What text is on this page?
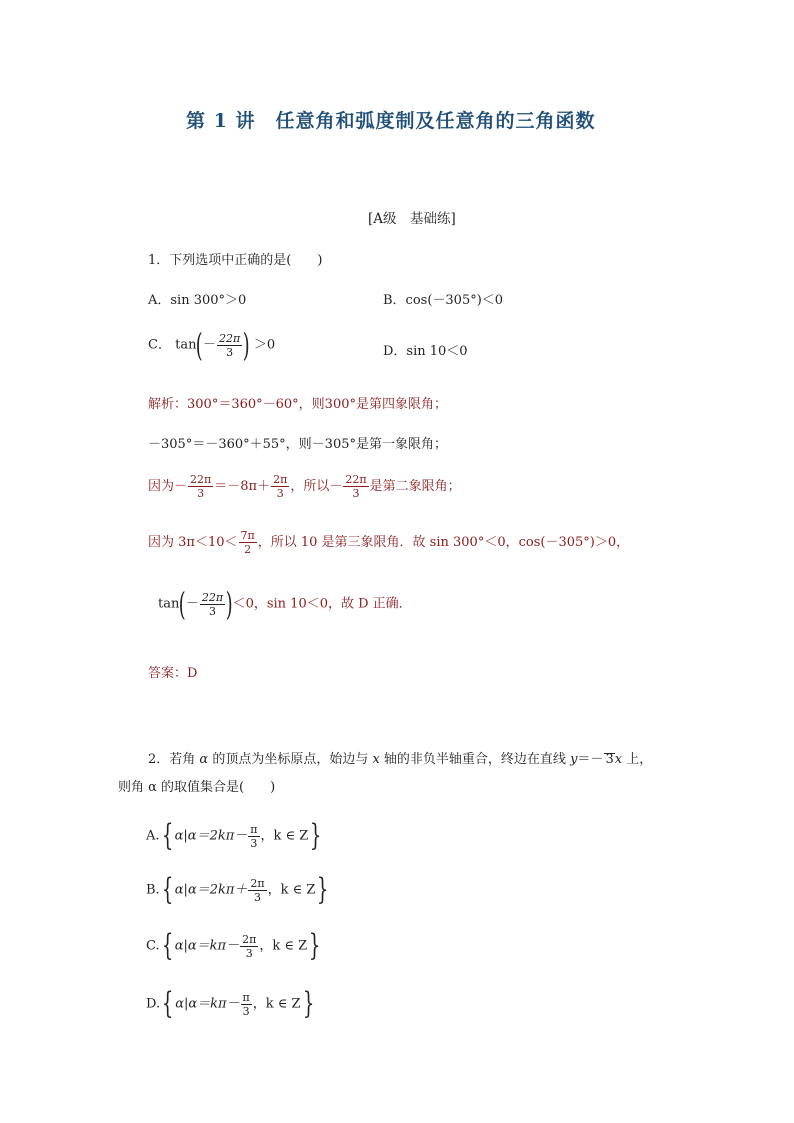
第 1 讲　任意角和弧度制及任意角的三角函数
[A级　基础练]
1．下列选项中正确的是(　　)
A．sin 300°＞0	B．cos(－305°)＜0
C． $\tan(- \frac{22\pi}{3}$ ) ＞0	D．sin 10＜0
解析：300°＝360°－60°，则300°是第四象限角；
－305°＝－360°＋55°，则－305°是第一象限角；
因为－ $\frac{22\pi}{3} =-8\pi+ \frac{2\pi}{3}$ ，所以－ $\frac{22\pi}{3}$ 是第二象限角；
因为 $3\pi<10< \frac{7\pi}{2}$ ，所以 10 是第三象限角．故 sin 300°＜0，cos(－305°)＞0，
$\tan(- \frac{22\pi}{3} )<0$，sin 10＜0，故 D 正确．
答案：D
2．若角 α 的顶点为坐标原点，始边与 x 轴的非负半轴重合，终边在直线 y＝－ 3x 上，
则角 α 的取值集合是(　　)
A.{ $\alpha|\alpha=2k\pi- \frac{\pi}{3}$ ，k ∈ Z}
B.{ $\alpha|\alpha=2k\pi+ \frac{2\pi}{3}$ ，k ∈ Z}
C.{ $\alpha|\alpha=k\pi- \frac{2\pi}{3}$ ，k ∈ Z}
D.{ $\alpha|\alpha=k\pi- \frac{\pi}{3}$ ，k ∈ Z}
